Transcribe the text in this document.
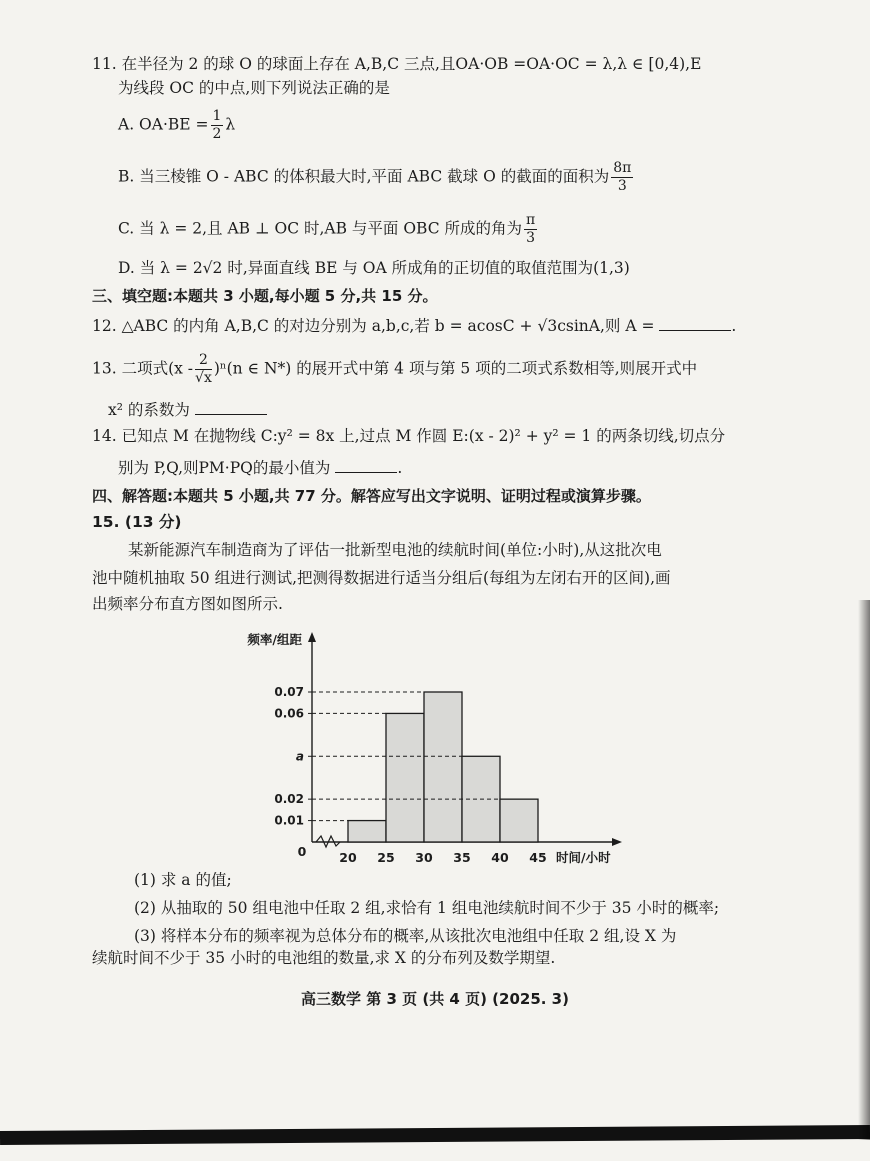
11. 在半径为 2 的球 O 的球面上存在 A,B,C 三点,且OA·OB =OA·OC = λ,λ ∈ [0,4),E
为线段 OC 的中点,则下列说法正确的是
A. $OA\cdot BE = \frac{1}{2}$ λ
B. 当三棱锥 O - ABC 的体积最大时,平面 ABC 截球 O 的截面的面积为 $\frac{8\pi}{3}$
C. 当 λ = 2,且 AB ⊥ OC 时,AB 与平面 OBC 所成的角为 $\frac{\pi}{3}$
D. 当 λ = 2√2 时,异面直线 BE 与 OA 所成角的正切值的取值范围为(1,3)
三、填空题:本题共 3 小题,每小题 5 分,共 15 分。
12. △ABC 的内角 A,B,C 的对边分别为 a,b,c,若 b = acosC + √3csinA,则 A =	.
13. 二项式$(x - \frac{2}{√x} )^n(n$ ∈ N*) 的展开式中第 4 项与第 5 项的二项式系数相等,则展开式中
x² 的系数为
14. 已知点 M 在抛物线 C:y² = 8x 上,过点 M 作圆 E:(x - 2)² + y² = 1 的两条切线,切点分
别为 P,Q,则PM·PQ的最小值为	.
四、解答题:本题共 5 小题,共 77 分。解答应写出文字说明、证明过程或演算步骤。
15. (13 分)
某新能源汽车制造商为了评估一批新型电池的续航时间(单位:小时),从这批次电
池中随机抽取 50 组进行测试,把测得数据进行适当分组后(每组为左闭右开的区间),画
出频率分布直方图如图所示.
0.01
0.02
a
0.06
0.07
20 25 30 35 40 45
0
频率/组距
时间/小时
(1) 求 a 的值;
(2) 从抽取的 50 组电池中任取 2 组,求恰有 1 组电池续航时间不少于 35 小时的概率;
(3) 将样本分布的频率视为总体分布的概率,从该批次电池组中任取 2 组,设 X 为
续航时间不少于 35 小时的电池组的数量,求 X 的分布列及数学期望.
高三数学 第 3 页 (共 4 页) (2025. 3)
